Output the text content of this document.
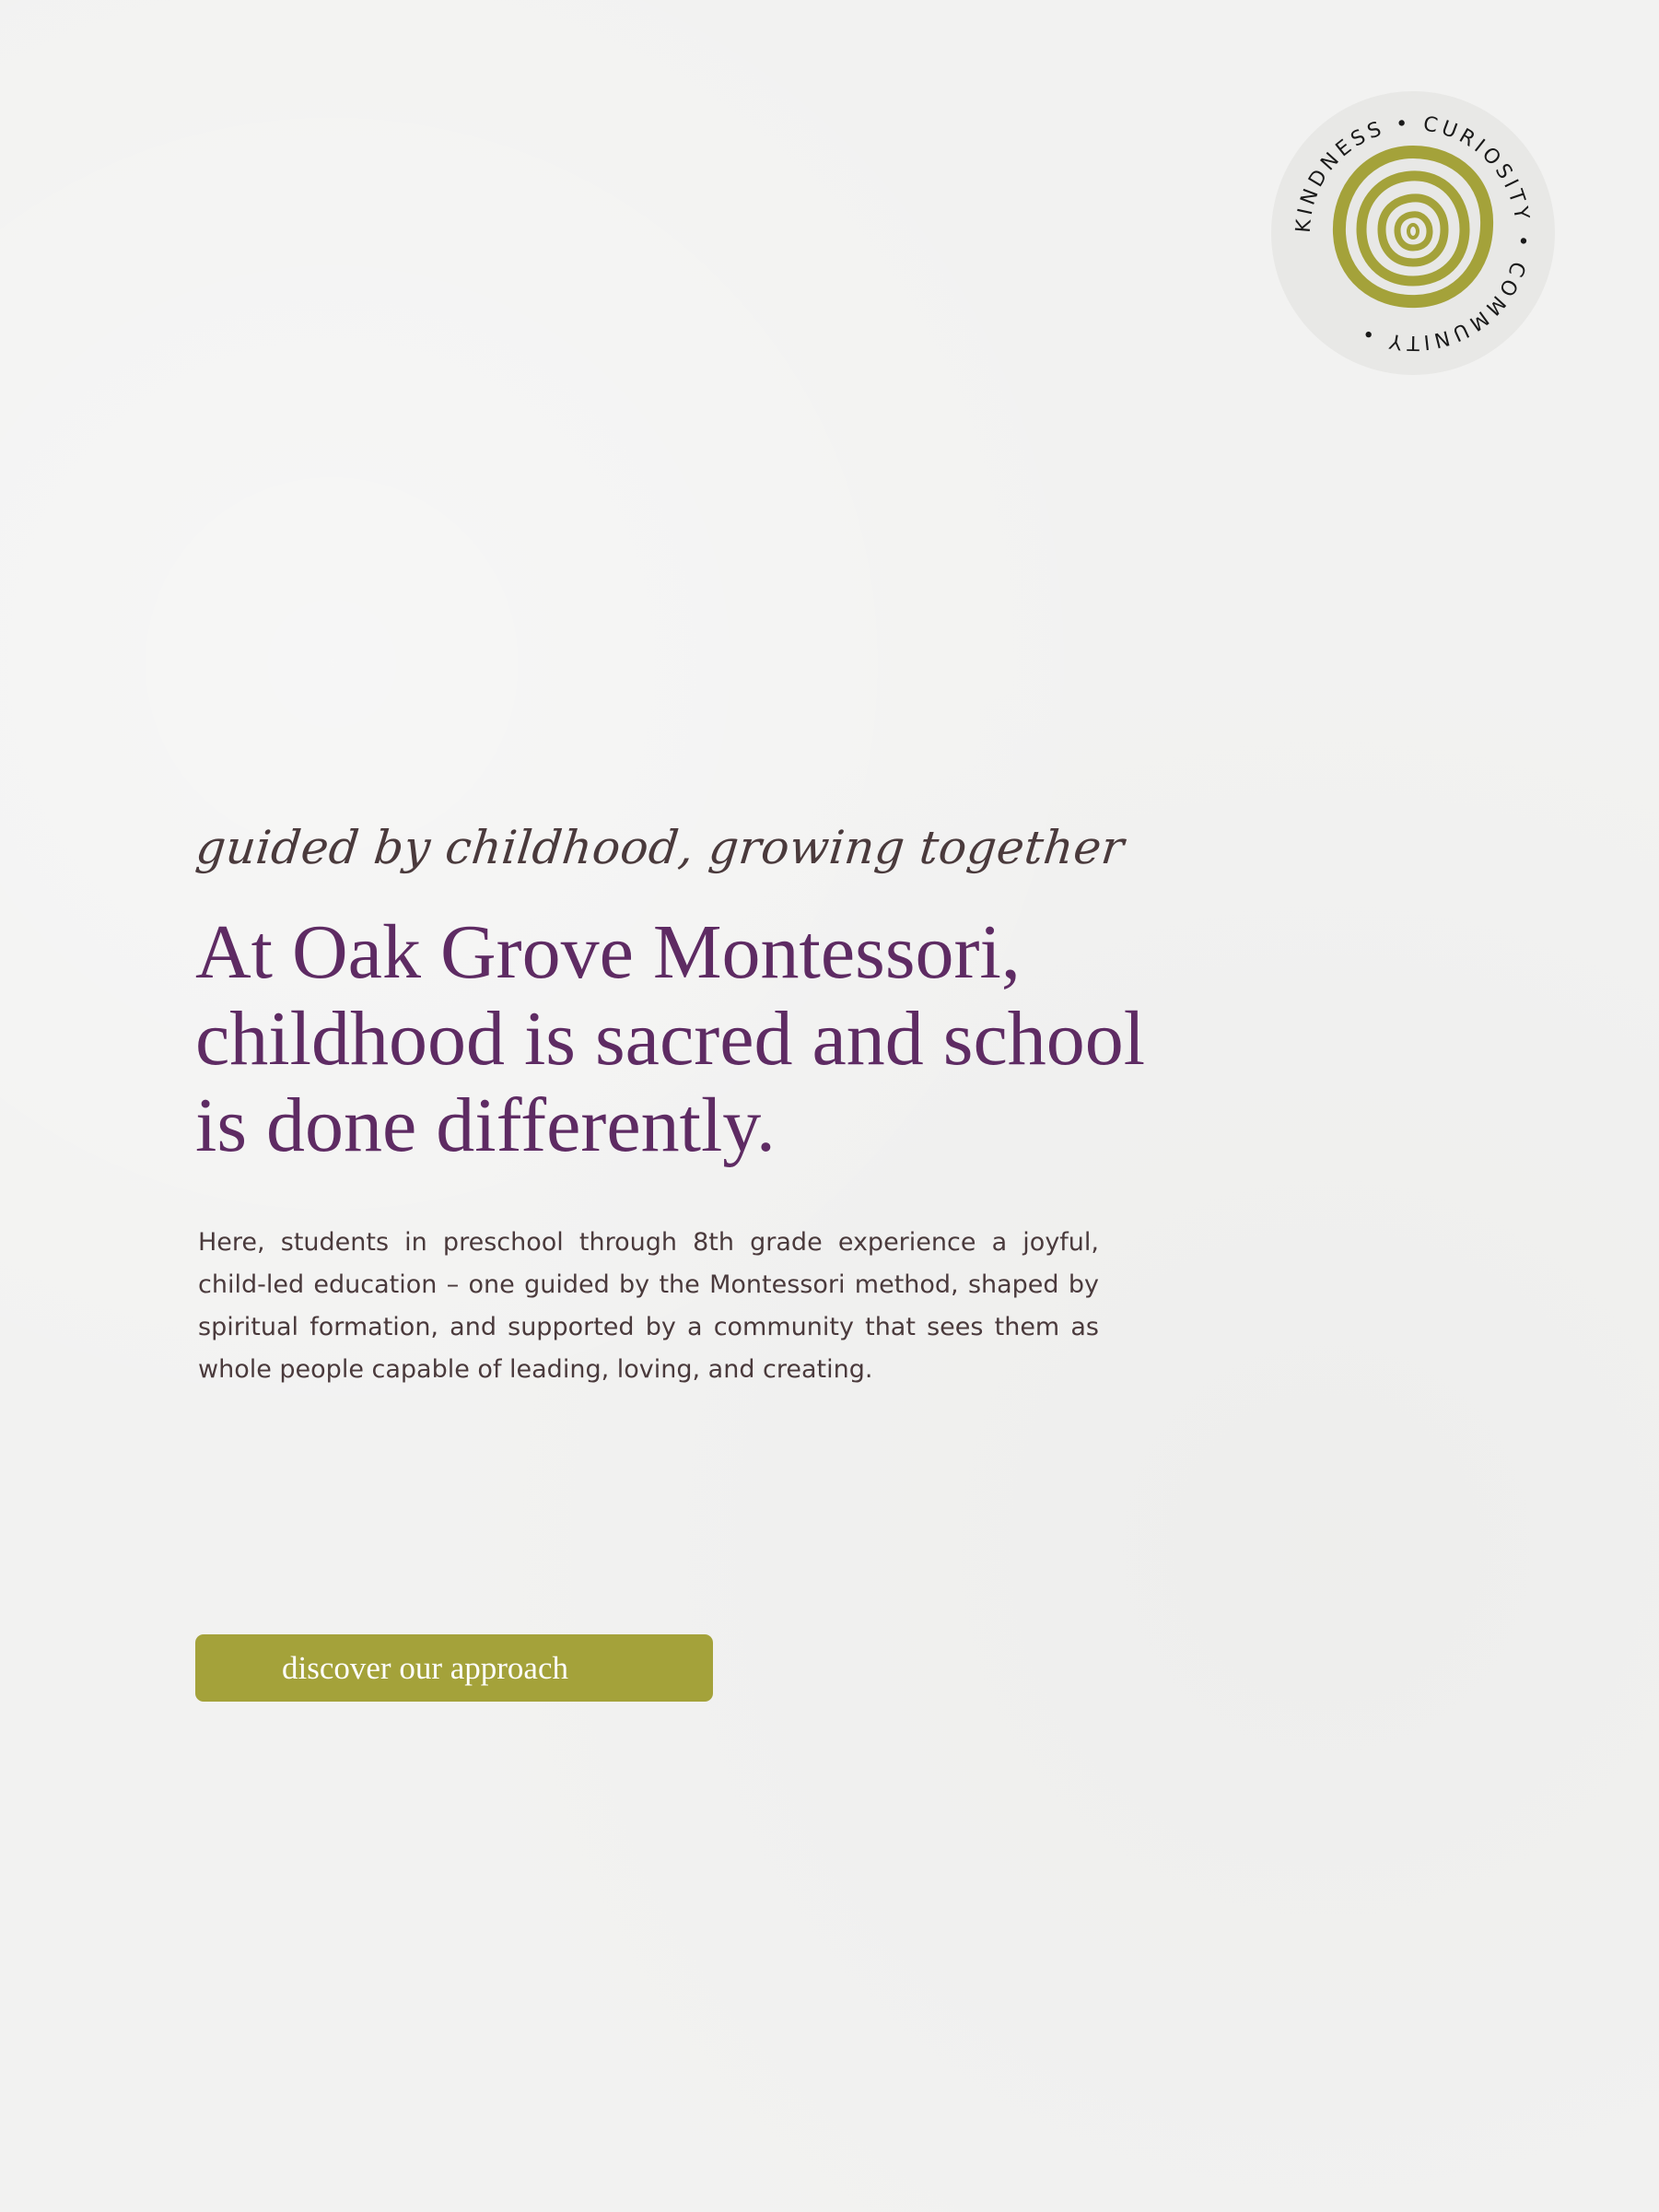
KINDNESS • CURIOSITY • COMMUNITY •
guided by childhood, growing together
At Oak Grove Montessori,
childhood is sacred and school
is done differently.

Here, students in preschool through 8th grade experience a joyful, child-led education – one guided by the Montessori method, shaped by spiritual formation, and supported by a community that sees them as whole people capable of leading, loving, and creating.

discover our approach
